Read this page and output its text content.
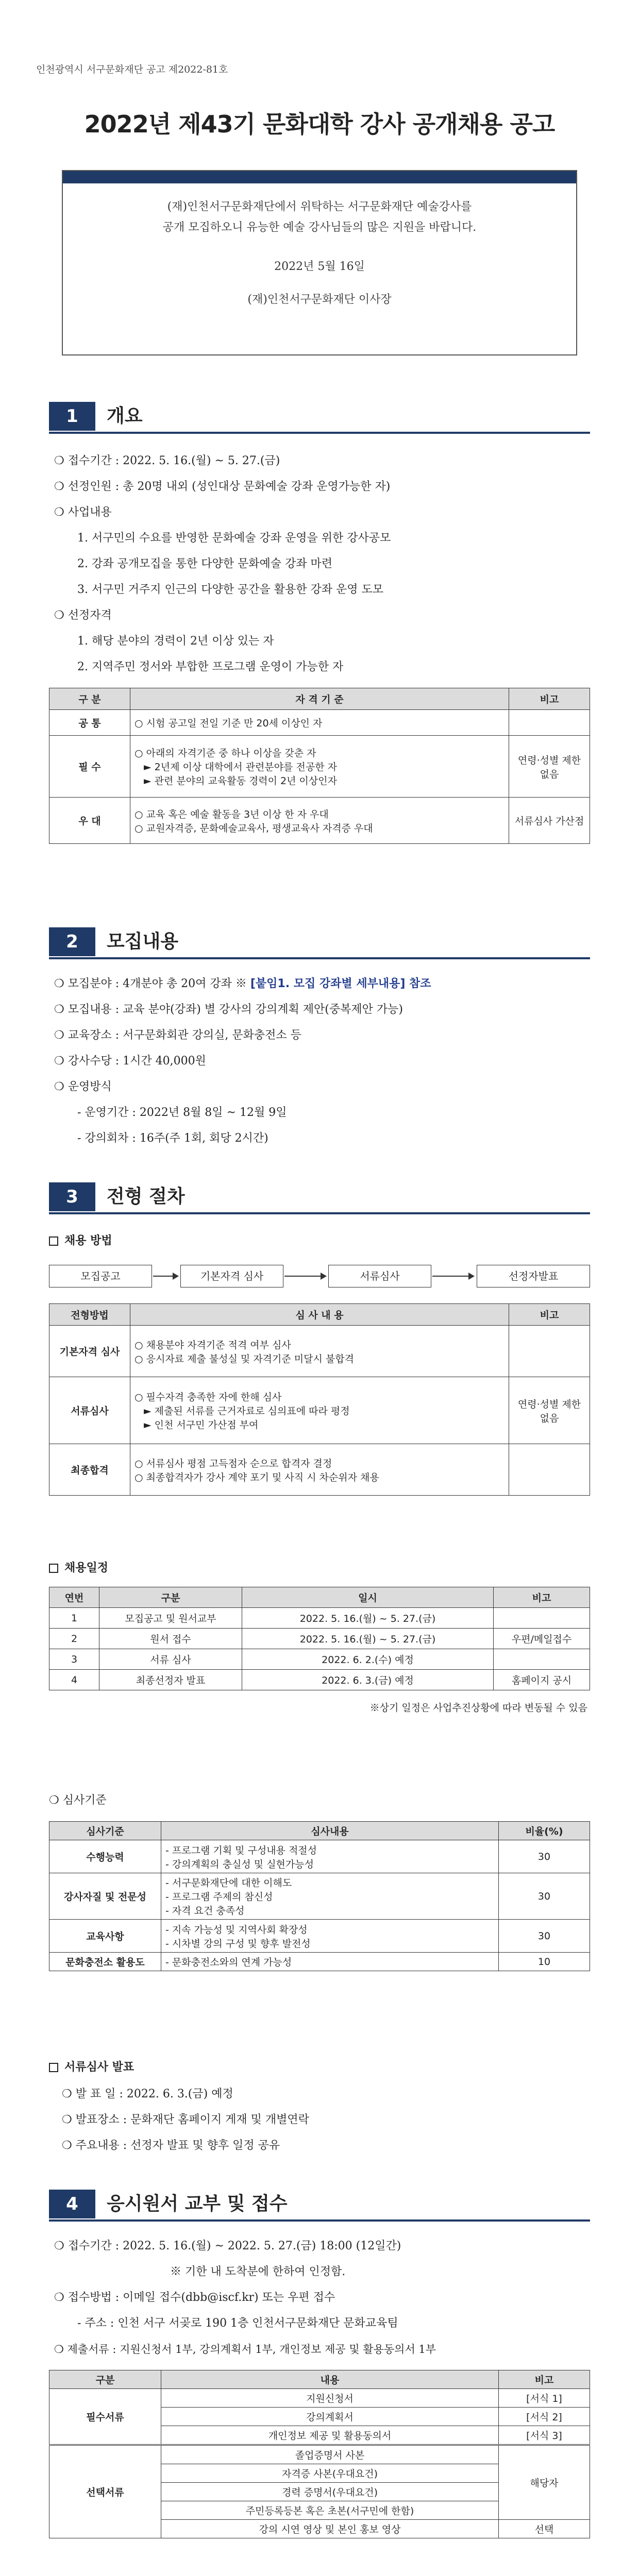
인천광역시 서구문화재단 공고 제2022-81호
2022년 제43기 문화대학 강사 공개채용 공고

(재)인천서구문화재단에서 위탁하는 서구문화재단 예술강사를

공개 모집하오니 유능한 예술 강사님들의 많은 지원을 바랍니다.

2022년 5월 16일

(재)인천서구문화재단 이사장

1	개요
❍ 접수기간 : 2022. 5. 16.(월) ~ 5. 27.(금)
❍ 선정인원 : 총 20명 내외 (성인대상 문화예술 강좌 운영가능한 자)
❍ 사업내용
1. 서구민의 수요를 반영한 문화예술 강좌 운영을 위한 강사공모
2. 강좌 공개모집을 통한 다양한 문화예술 강좌 마련
3. 서구민 거주지 인근의 다양한 공간을 활용한 강좌 운영 도모
❍ 선정자격
1. 해당 분야의 경력이 2년 이상 있는 자
2. 지역주민 정서와 부합한 프로그램 운영이 가능한 자
구 분	자 격 기 준	비고
공 통	○ 시험 공고일 전일 기준 만 20세 이상인 자	
필 수	○ 아래의 자격기준 중 하나 이상을 갖춘 자
► 2년제 이상 대학에서 관련분야를 전공한 자
► 관련 분야의 교육활동 경력이 2년 이상인자	연령·성별 제한 없음
우 대	○ 교육 혹은 예술 활동을 3년 이상 한 자 우대
○ 교원자격증, 문화예술교육사, 평생교육사 자격증 우대	서류심사 가산점
2	모집내용
❍ 모집분야 : 4개분야 총 20여 강좌 ※ [붙임1. 모집 강좌별 세부내용] 참조
❍ 모집내용 : 교육 분야(강좌) 별 강사의 강의계획 제안(중복제안 가능)
❍ 교육장소 : 서구문화회관 강의실, 문화충전소 등
❍ 강사수당 : 1시간 40,000원
❍ 운영방식
- 운영기간 : 2022년 8월 8일 ~ 12월 9일
- 강의회차 : 16주(주 1회, 회당 2시간)
3	전형 절차
채용 방법
모집공고	기본자격 심사	서류심사	선정자발표
전형방법	심 사 내 용	비고
기본자격 심사	○ 채용분야 자격기준 적격 여부 심사
○ 응시자료 제출 불성실 및 자격기준 미달시 불합격	

서류심사	○ 필수자격 충족한 자에 한해 심사
► 제출된 서류를 근거자료로 심의표에 따라 평정
► 인천 서구민 가산점 부여	연령·성별 제한 없음
최종합격	○ 서류심사 평점 고득점자 순으로 합격자 결정
○ 최종합격자가 강사 계약 포기 및 사직 시 차순위자 채용	

채용일정
연번	구분	일시	비고
1	모집공고 및 원서교부	2022. 5. 16.(월) ~ 5. 27.(금)	
2	원서 접수	2022. 5. 16.(월) ~ 5. 27.(금)	우편/메일접수
3	서류 심사	2022. 6. 2.(수) 예정	
4	최종선정자 발표	2022. 6. 3.(금) 예정	홈페이지 공시
※상기 일정은 사업추진상황에 따라 변동될 수 있음
❍ 심사기준
심사기준	심사내용	비율(%)
수행능력	- 프로그램 기획 및 구성내용 적절성
- 강의계획의 충실성 및 실현가능성	30
강사자질 및 전문성	- 서구문화재단에 대한 이해도
- 프로그램 주제의 참신성
- 자격 요건 충족성	30
교육사항	- 지속 가능성 및 지역사회 확장성
- 시차별 강의 구성 및 향후 발전성	30
문화충전소 활용도	- 문화충전소와의 연계 가능성	10
서류심사 발표
❍ 발 표 일 : 2022. 6. 3.(금) 예정
❍ 발표장소 : 문화재단 홈페이지 게재 및 개별연락
❍ 주요내용 : 선정자 발표 및 향후 일정 공유
4	응시원서 교부 및 접수
❍ 접수기간 : 2022. 5. 16.(월) ~ 2022. 5. 27.(금) 18:00 (12일간)
※ 기한 내 도착분에 한하여 인정함.
❍ 접수방법 : 이메일 접수(dbb@iscf.kr) 또는 우편 접수
- 주소 : 인천 서구 서곶로 190 1층 인천서구문화재단 문화교육팀
❍ 제출서류 : 지원신청서 1부, 강의계획서 1부, 개인정보 제공 및 활용동의서 1부
구분	내용	비고
필수서류	지원신청서	[서식 1]
	강의계획서	[서식 2]
	개인정보 제공 및 활용동의서	[서식 3]
선택서류	졸업증명서 사본	해당자
	자격증 사본(우대요건)	
	경력 증명서(우대요건)	
	주민등록등본 혹은 초본(서구민에 한함)	
	강의 시연 영상 및 본인 홍보 영상	선택
